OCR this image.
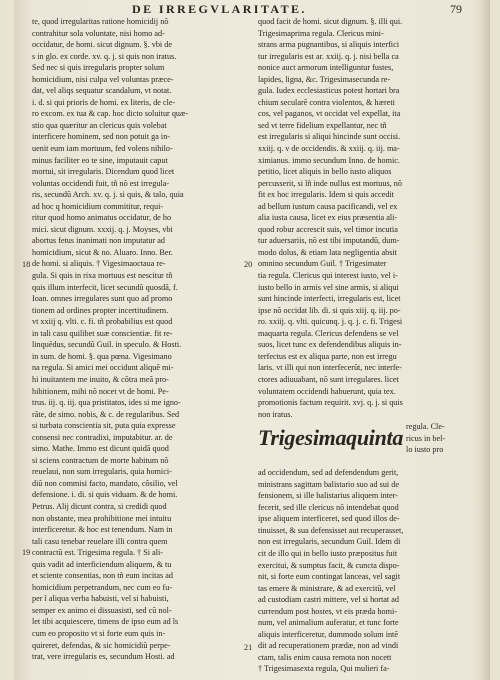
DE IRREGVLARITATE.	79
te, quod irregularitas ratione homicidij nõ
contrahitur sola voluntate, nisi homo ad-
occidatur, de homi. sicut dignum. §. vbi de
s in glo. ex corde. xv. q. j. si quis non iratus.
Sed nec si quis irregularis propter solum
homicidium, nisi culpa vel voluntas præce-
dat, vel aliqs sequatur scandalum, vt notat.
i. d. si qui prioris de homi. ex literis, de cle-
ro excom. ex tua & cap. hoc dicto soluitur quæ-
stio qua quæritur an clericus quis volebat
interficere hominem, sed non potuit ga in-
uenit eum iam mortuum, fed volens nihilo-
minus faciliter eo te sine, imputauit caput
mortui, sit irregularis. Dicendum quod licet
voluntas occidendi fuit, tñ nõ est irregula-
ris, secundũ Arch. xv. q. j. si quis, & talo, quia
ad hoc q homicidium commititur, requi-
ritur quod homo animatus occidatur, de ho
mici. sicut dignum. xxxij. q. j. Moyses, vbi
abortus fetus inanimati non imputatur ad
homicidium, sicut & no. Aluaro. Inno. Ber.
de homi. si aliquis. † Vigesimaoctaua re-
gula. Si quis in rixa mortuus est nescitur tñ
quis illum interfecit, licet secundũ quosdã, f.
Ioan. omnes irregulares sunt quo ad promo
tionem ad ordines propter incertitudinem.
vt xxiij q. vlti. c. fi. tñ probabilius est quod
in tali casu quilibet suæ conscientiæ. fit re-
linquēdus, secundũ Guil. in speculo. & Hosti.
in sum. de homi. §. qua pœna. Vigesimano
na regula. Si amici mei occidunt aliquẽ mi-
hi inuitantem me inuito, & cõtra meã pro-
hibitionem, mihi nõ nocet vt de homi. Pe-
trus. iij. q. iij. qua pristitatos, ides si me igno-
rãte, de simo. nobis, & c. de regularibus. Sed
si turbata conscientia sit, puta quia expresse
consensi nec contradixi, imputabitur. ar. de
simo. Mathe. Immo est dicunt quidã quod
si sciens contractum de morte habitum nõ
reuelaui, non sum irregularis, quia homici-
diũ non commisi facto, mandato, cõsilio, vel
defensione. i. di. si quis viduam. & de homi.
Petrus. Alij dicunt contra, si credidi quod
non obstante, mea prohibitione mei intuitu
interficeretur. & hoc est tenendum. Nam in
tali casu tenebar reuelare illi contra quem
contractũ est. Trigesima regula. † Si ali-
quis vadit ad interficiendum aliquem, & tu
et sciente consentias, non tñ eum incitas ad
homicidium perpetrandum, nec cum eo fu-
per ĩ aliqua verba habuisti, vel si habuisti,
semper ex animo ei dissuasisti, sed cũ nol-
let tibi acquiescere, timens de ipso eum ad ĩs
cum eo proposito vt si forte eum quis in-
quireret, defendas, & sic homicidiũ perpe-
trat, vere irregularis es, secundum Hosti. ad
18
19
quod facit de homi. sicut dignum. §. illi qui.
Trigesimaprima regula. Clericus mini-
strans arma pugnantibus, si aliquis interfici
tur irregularis est ar. xxiij. q. j. nisi bella ca
nonice auct armorum intelliguntur fustes,
lapides, ligna, &c. Trigesimasecunda re-
gula. Iudex ecclesiasticus potest hortari bra
chium secularẽ contra violentos, & hæreti
cos, vel paganos, vt occidat vel expellat, ita
sed vt terre fidelium expellantur, nec tñ
est irregularis si aliqui hincinde sunt occisi.
xxiij. q. v de occidendis. & xxiij. q. iij. ma-
ximianus. immo secundum Inno. de homic.
petitio, licet aliquis in bello iusto aliquos
percusserit, si ĩñ inde nullus est mortuus, nõ
fit ex hoc irregularis. Idem si quis accedit
ad bellum iustum causa pacificandi, vel ex
alia iusta causa, licet ex eius præsentia ali-
quod robur accrescit suis, vel timor incutia
tur aduersariis, nõ est tibi imputandũ, dum-
modo dolus, & etiam lata negligentia absit
omnino secundum Guil. † Trigesimater
tia regula. Clericus qui interest iusto, vel i-
iusto bello in armis vel sine armis, si aliqui
sunt hincinde interfecti, irregularis est, licet
ipse nõ occidat lib. di. si quis xiij. q. iij. po-
ro. xxiij. q. vlti. quicunq. j. q. j. c. fi. Trigesi
maquarta regula. Clericus defendens se vel
suos, licet tunc ex defendendibus aliquis in-
terfectus est ex aliqua parte, non est irregu
laris. vt illi qui non interfecerũt, nec interfe-
ctores adiuuabant, nõ sunt irregulares. licet
voluntatem occidendi habuerunt, quia tex.
promotionis factum requirit. xvj. q. j. si quis
non iratus.
Trigesimaquinta regula. Cle-
ricus in bel-
lo iusto pro
ad occidendum, sed ad defendendum gerit,
ministrans sagittam balistario suo ad sui de
fensionem, si ille balistarius aliquem inter-
fecerit, sed ille clericus nõ intendebat quod
ipse aliquem interficeret, sed quod illos de-
tinuisset, & sua defensisset aut recuperasset,
non est irregularis, secundum Guil. Idem di
cit de illo qui in bello iusto præpositus fuit
exercitui, & sumptus facit, & cuncta dispo-
nit, si forte eum contingat lanceas, vel sagit
tas emere & ministrare, & ad exercitũ, vel
ad custodiam castri mittere, vel si hortat ad
currendum post hostes, vt eis præda homi-
num, vel animalium auferatur, et tunc forte
aliquis interficeretur, dummodo solum intẽ
dit ad recuperationem prædæ, non ad vindi
ctam, talis enim causa remota non nocett
† Trigesimasexta regula, Qui mulieri fa-
20
21
